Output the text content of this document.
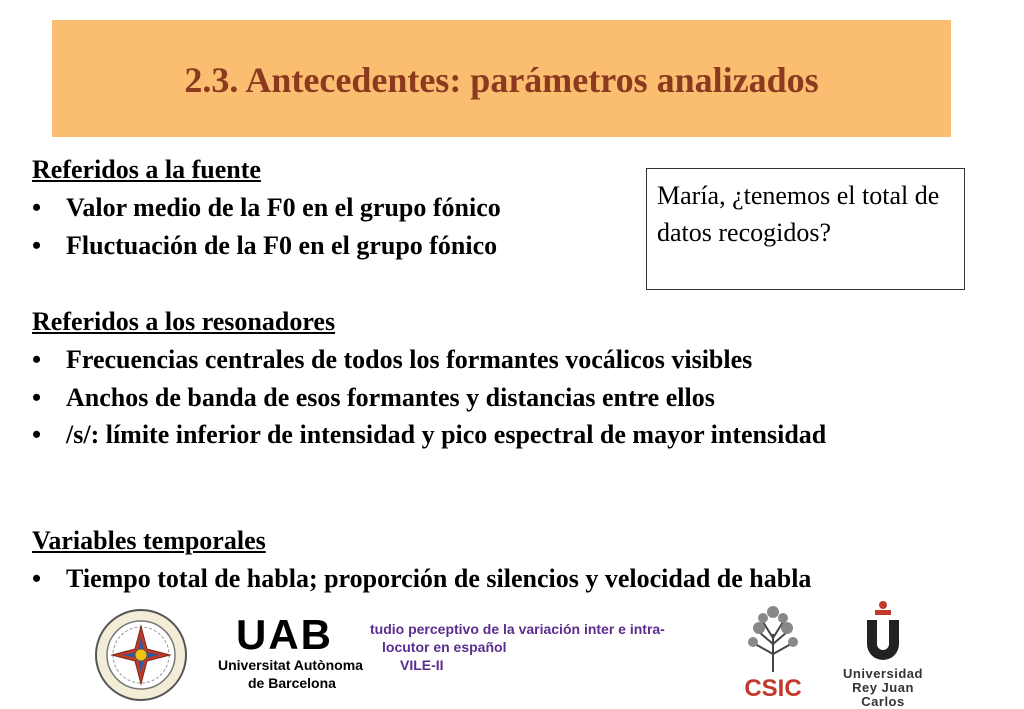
2.3. Antecedentes: parámetros analizados
Referidos a la fuente
• Valor medio de la F0 en el grupo fónico
• Fluctuación de la F0 en el grupo fónico
María, ¿tenemos el total de datos recogidos?
Referidos a los resonadores
• Frecuencias centrales de todos los formantes vocálicos visibles
• Anchos de banda de esos formantes y distancias entre ellos
• /s/: límite inferior de intensidad y pico espectral de mayor intensidad
Variables temporales
• Tiempo total de habla; proporción de silencios y velocidad de habla
UAB
Universitat Autònoma
de Barcelona
tudio perceptivo de la variación inter e intra-
locutor en español
VILE-II
CSIC
Universidad
Rey Juan Carlos
